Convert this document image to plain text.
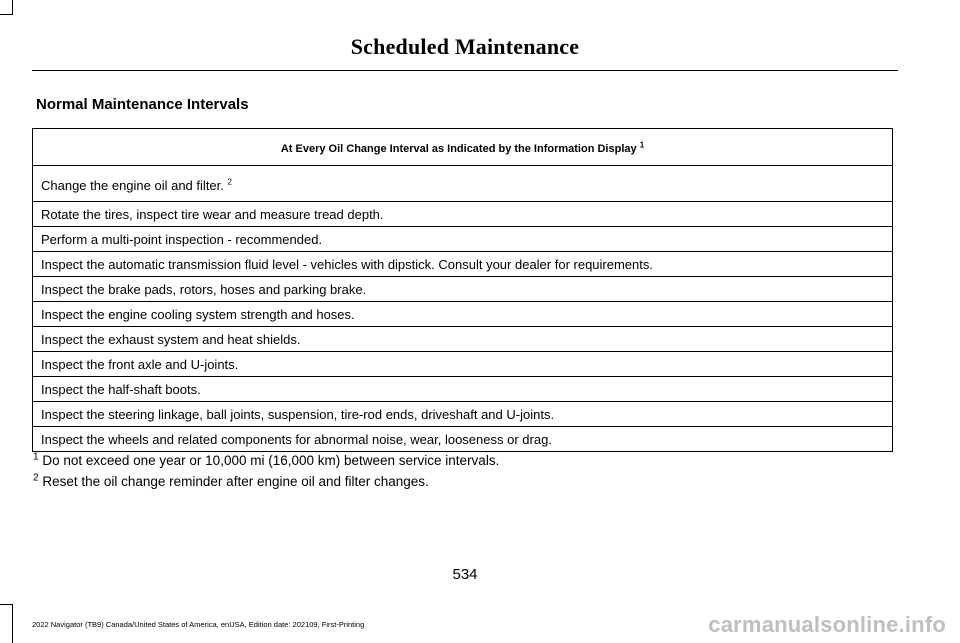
Scheduled Maintenance
Normal Maintenance Intervals
At Every Oil Change Interval as Indicated by the Information Display $^1$
Change the engine oil and filter. $^2$
Rotate the tires, inspect tire wear and measure tread depth.
Perform a multi-point inspection - recommended.
Inspect the automatic transmission fluid level - vehicles with dipstick. Consult your dealer for requirements.
Inspect the brake pads, rotors, hoses and parking brake.
Inspect the engine cooling system strength and hoses.
Inspect the exhaust system and heat shields.
Inspect the front axle and U-joints.
Inspect the half-shaft boots.
Inspect the steering linkage, ball joints, suspension, tire-rod ends, driveshaft and U-joints.
Inspect the wheels and related components for abnormal noise, wear, looseness or drag.
$^1$ Do not exceed one year or 10,000 mi (16,000 km) between service intervals.
$^2$ Reset the oil change reminder after engine oil and filter changes.
534
2022 Navigator (TB9) Canada/United States of America, enUSA, Edition date: 202109, First-Printing	carmanualsonline.info
